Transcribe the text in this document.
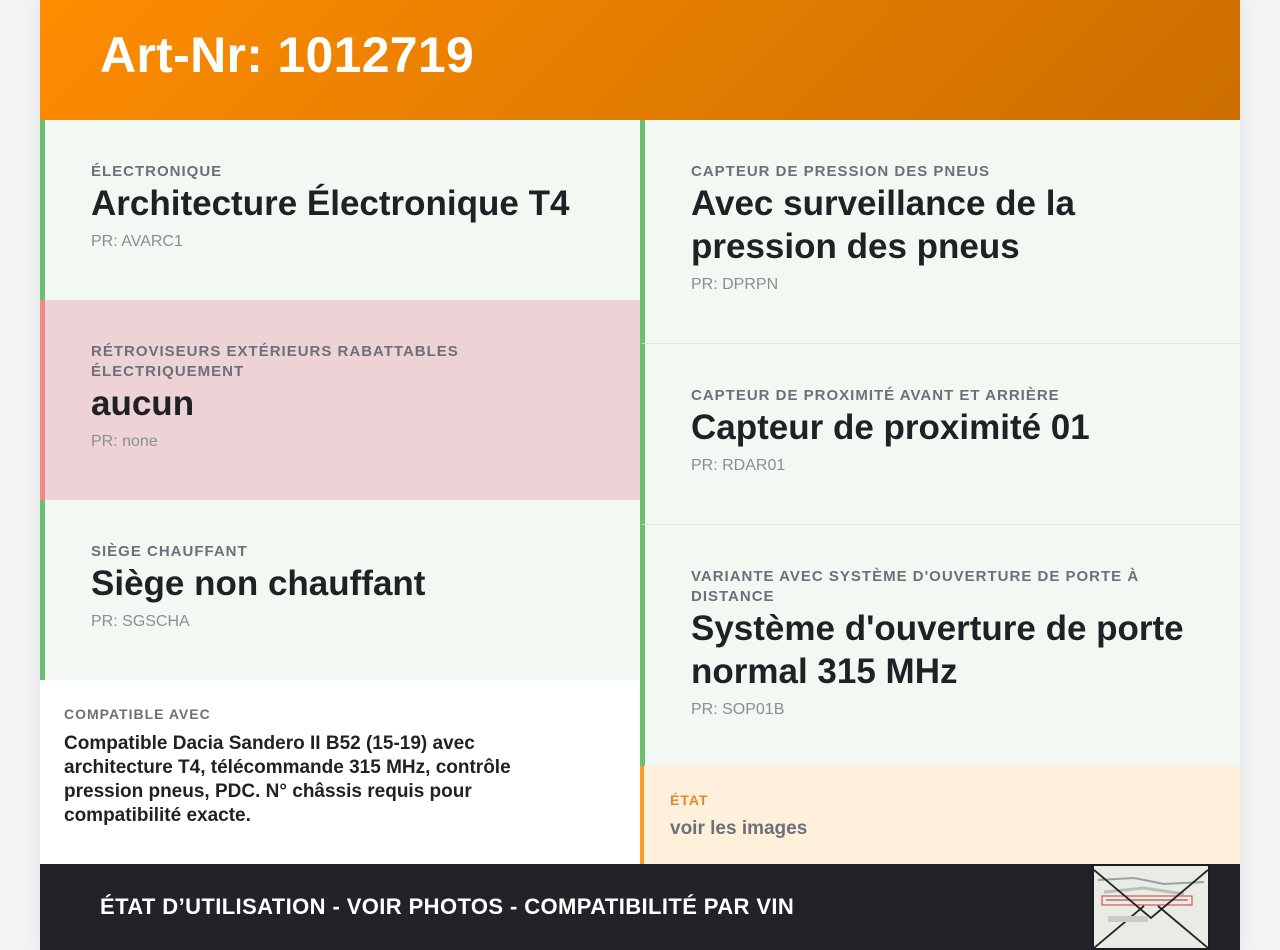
Art-Nr: 1012719
ÉLECTRONIQUE
Architecture Électronique T4
PR: AVARC1
RÉTROVISEURS EXTÉRIEURS RABATTABLES ÉLECTRIQUEMENT
aucun
PR: none
SIÈGE CHAUFFANT
Siège non chauffant
PR: SGSCHA
COMPATIBLE AVEC
Compatible Dacia Sandero II B52 (15-19) avec architecture T4, télécommande 315 MHz, contrôle pression pneus, PDC. N° châssis requis pour compatibilité exacte.
CAPTEUR DE PRESSION DES PNEUS
Avec surveillance de la pression des pneus
PR: DPRPN
CAPTEUR DE PROXIMITÉ AVANT ET ARRIÈRE
Capteur de proximité 01
PR: RDAR01
VARIANTE AVEC SYSTÈME D'OUVERTURE DE PORTE À DISTANCE
Système d'ouverture de porte normal 315 MHz
PR: SOP01B
ÉTAT
voir les images
ÉTAT D’UTILISATION - VOIR PHOTOS - COMPATIBILITÉ PAR VIN
